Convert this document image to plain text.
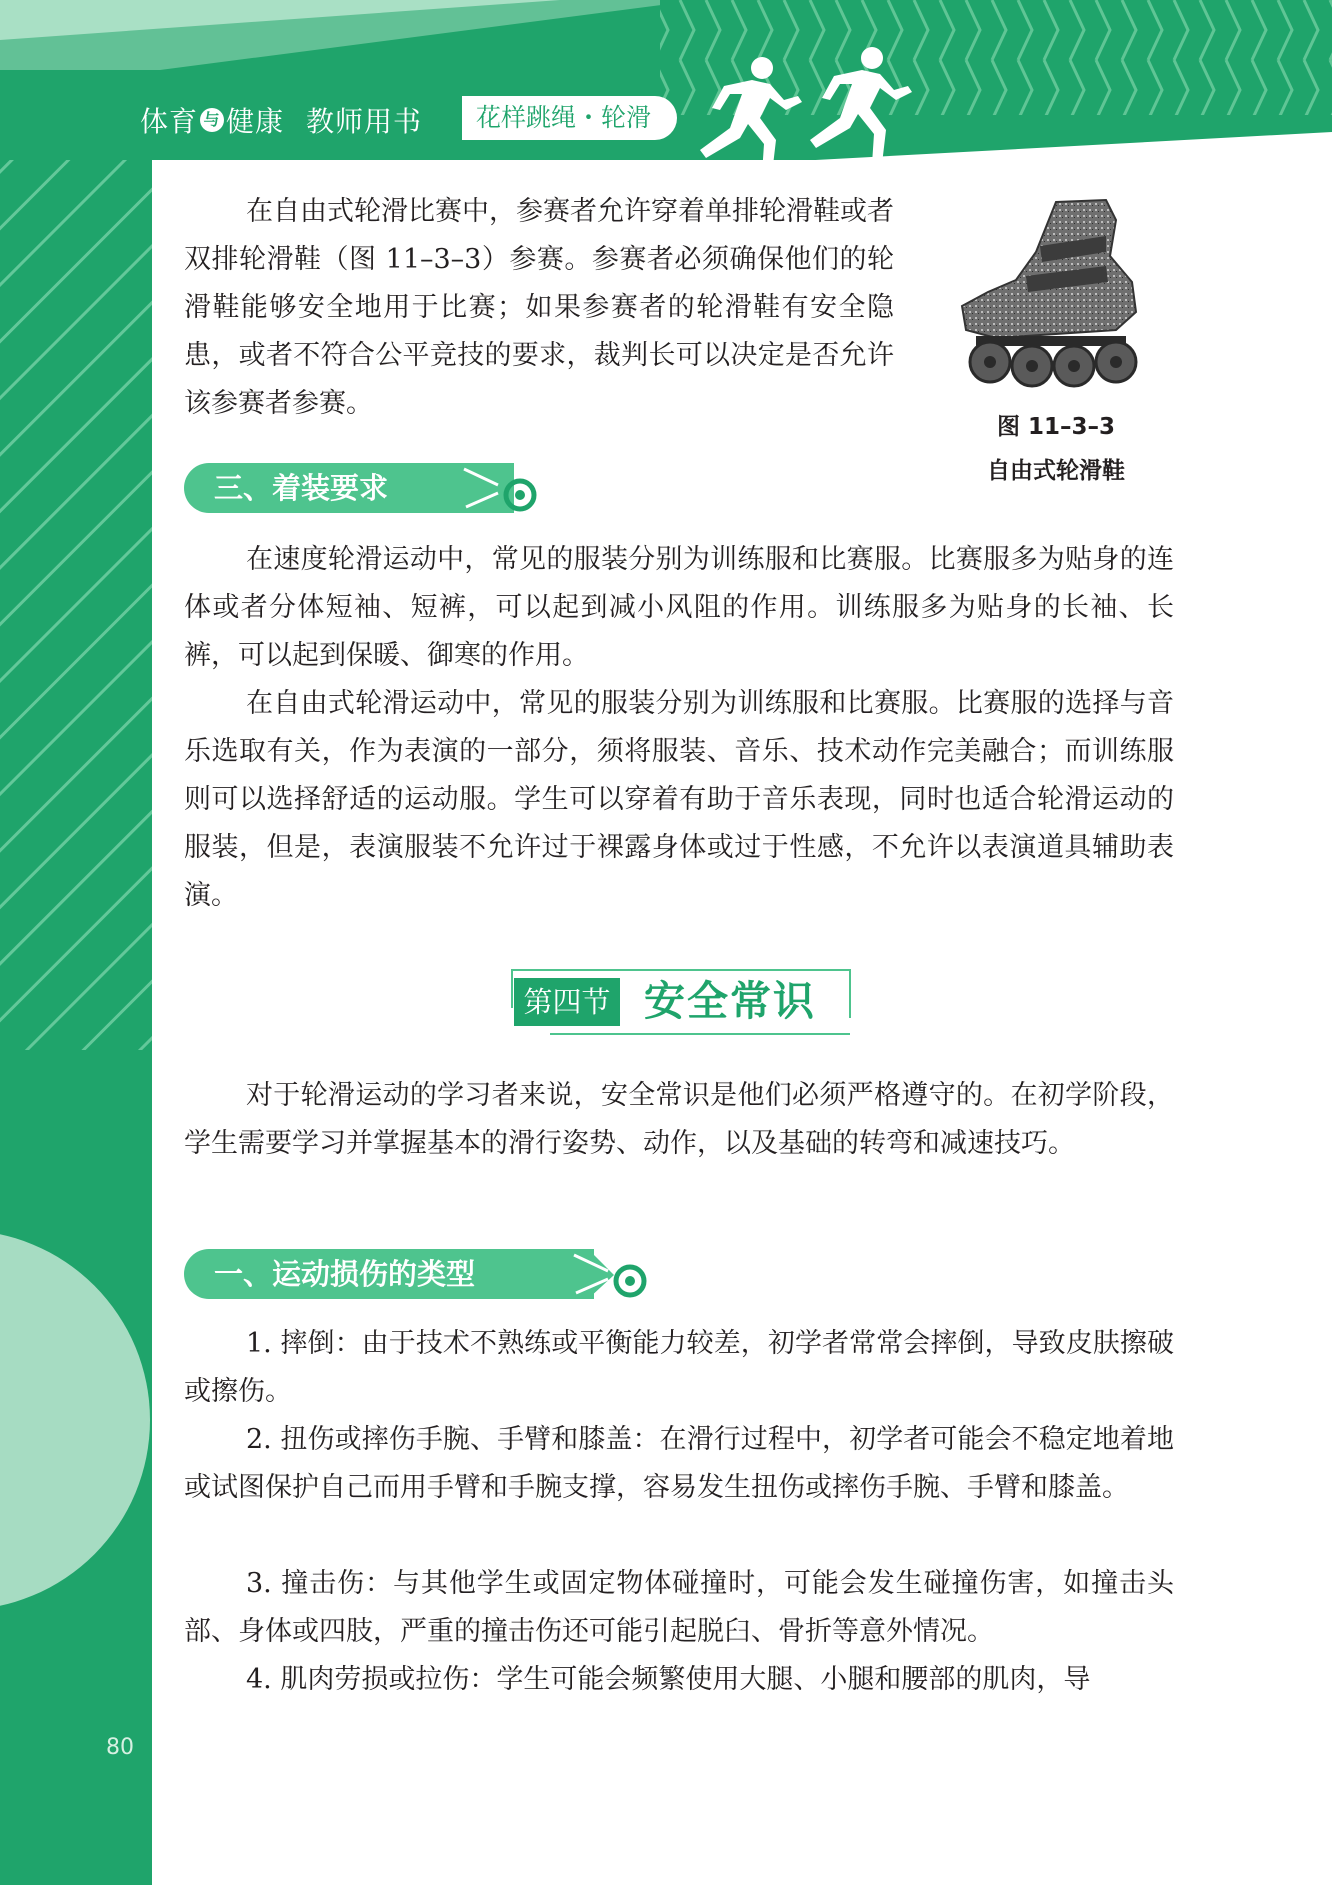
体育 与 健康 教师用书	花样跳绳・轮滑

在自由式轮滑比赛中，参赛者允许穿着单排轮滑鞋或者双排轮滑鞋（图 11–3–3）参赛。参赛者必须确保他们的轮滑鞋能够安全地用于比赛；如果参赛者的轮滑鞋有安全隐患，或者不符合公平竞技的要求，裁判长可以决定是否允许该参赛者参赛。

图 11–3–3
自由式轮滑鞋
三、着装要求

在速度轮滑运动中，常见的服装分别为训练服和比赛服。比赛服多为贴身的连体或者分体短袖、短裤，可以起到减小风阻的作用。训练服多为贴身的长袖、长裤，可以起到保暖、御寒的作用。

在自由式轮滑运动中，常见的服装分别为训练服和比赛服。比赛服的选择与音乐选取有关，作为表演的一部分，须将服装、音乐、技术动作完美融合；而训练服则可以选择舒适的运动服。学生可以穿着有助于音乐表现，同时也适合轮滑运动的服装，但是，表演服装不允许过于裸露身体或过于性感，不允许以表演道具辅助表演。

第四节 安全常识

对于轮滑运动的学习者来说，安全常识是他们必须严格遵守的。在初学阶段，学生需要学习并掌握基本的滑行姿势、动作，以及基础的转弯和减速技巧。

一、运动损伤的类型

1. 摔倒：由于技术不熟练或平衡能力较差，初学者常常会摔倒，导致皮肤擦破或擦伤。

2. 扭伤或摔伤手腕、手臂和膝盖：在滑行过程中，初学者可能会不稳定地着地或试图保护自己而用手臂和手腕支撑，容易发生扭伤或摔伤手腕、手臂和膝盖。

3. 撞击伤：与其他学生或固定物体碰撞时，可能会发生碰撞伤害，如撞击头部、身体或四肢，严重的撞击伤还可能引起脱臼、骨折等意外情况。

4. 肌肉劳损或拉伤：学生可能会频繁使用大腿、小腿和腰部的肌肉，导

80
